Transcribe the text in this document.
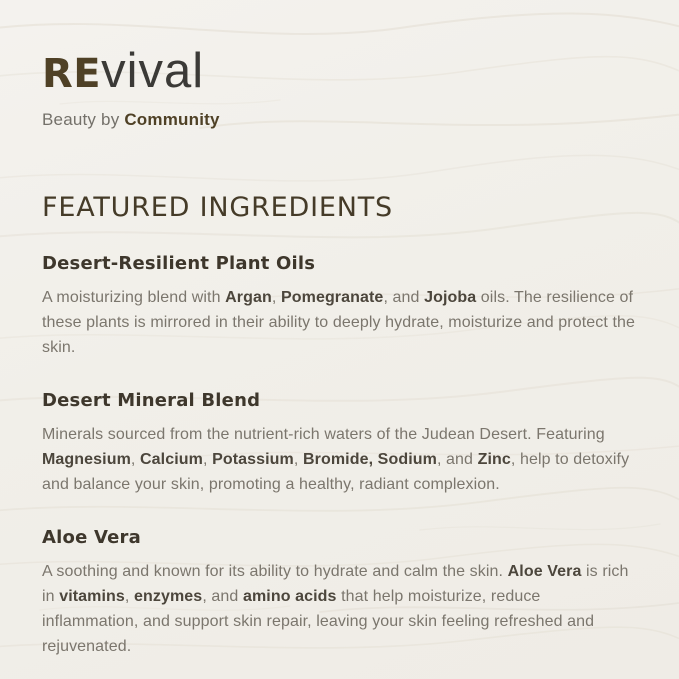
REvival
Beauty by Community
FEATURED INGREDIENTS
Desert-Resilient Plant Oils

A moisturizing blend with Argan, Pomegranate, and Jojoba oils. The resilience of these plants is mirrored in their ability to deeply hydrate, moisturize and protect the skin.

Desert Mineral Blend

Minerals sourced from the nutrient-rich waters of the Judean Desert. Featuring Magnesium, Calcium, Potassium, Bromide, Sodium, and Zinc, help to detoxify and balance your skin, promoting a healthy, radiant complexion.

Aloe Vera

A soothing and known for its ability to hydrate and calm the skin. Aloe Vera is rich in vitamins, enzymes, and amino acids that help moisturize, reduce inflammation, and support skin repair, leaving your skin feeling refreshed and rejuvenated.
